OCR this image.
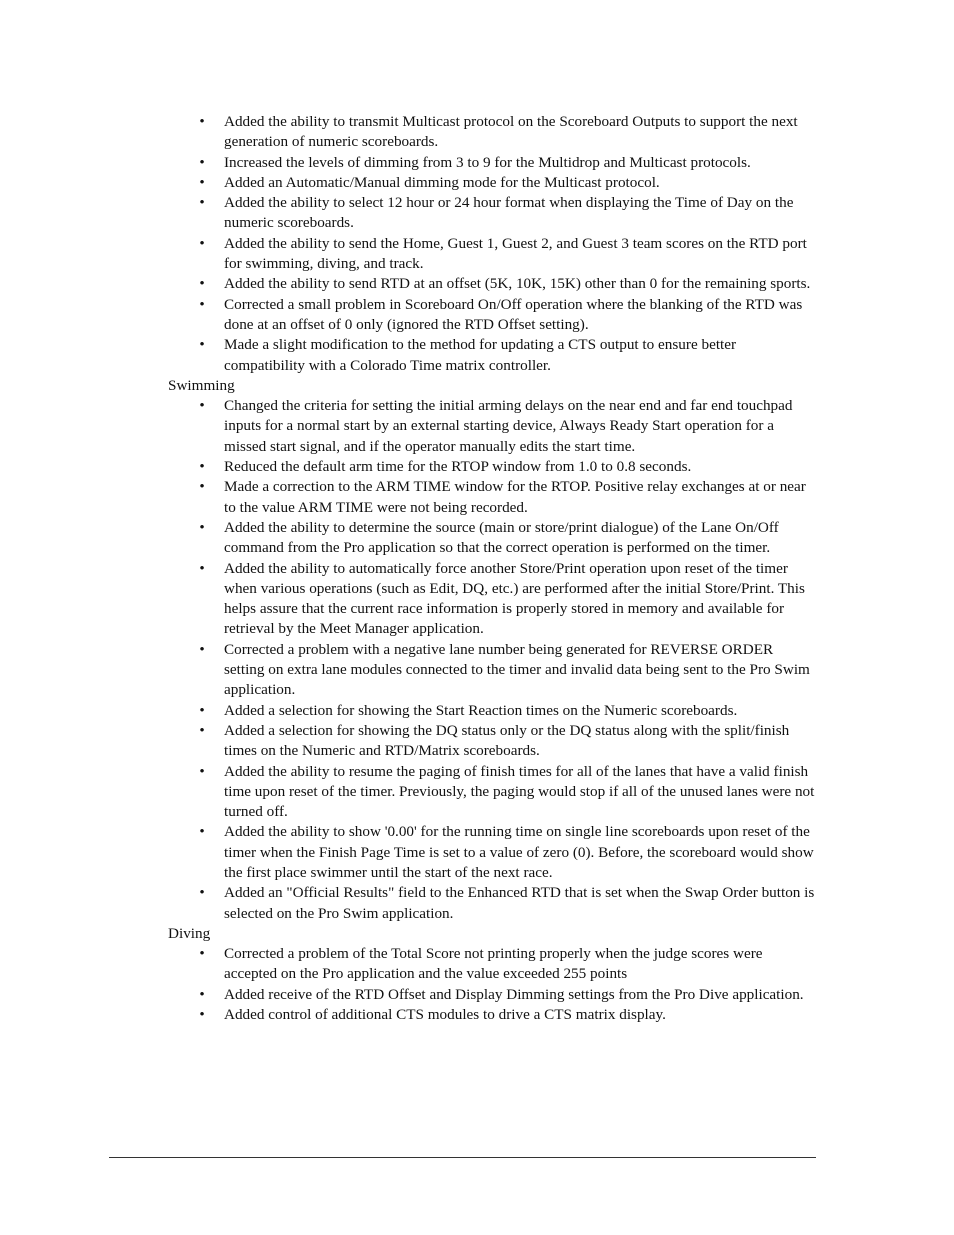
• Added the ability to transmit Multicast protocol on the Scoreboard Outputs to support the next generation of numeric scoreboards.
• Increased the levels of dimming from 3 to 9 for the Multidrop and Multicast protocols.
• Added an Automatic/Manual dimming mode for the Multicast protocol.
• Added the ability to select 12 hour or 24 hour format when displaying the Time of Day on the numeric scoreboards.
• Added the ability to send the Home, Guest 1, Guest 2, and Guest 3 team scores on the RTD port for swimming, diving, and track.
• Added the ability to send RTD at an offset (5K, 10K, 15K) other than 0 for the remaining sports.
• Corrected a small problem in Scoreboard On/Off operation where the blanking of the RTD was done at an offset of 0 only (ignored the RTD Offset setting).
• Made a slight modification to the method for updating a CTS output to ensure better compatibility with a Colorado Time matrix controller.

Swimming

• Changed the criteria for setting the initial arming delays on the near end and far end touchpad inputs for a normal start by an external starting device, Always Ready Start operation for a missed start signal, and if the operator manually edits the start time.
• Reduced the default arm time for the RTOP window from 1.0 to 0.8 seconds.
• Made a correction to the ARM TIME window for the RTOP. Positive relay exchanges at or near to the value ARM TIME were not being recorded.
• Added the ability to determine the source (main or store/print dialogue) of the Lane On/Off command from the Pro application so that the correct operation is performed on the timer.
• Added the ability to automatically force another Store/Print operation upon reset of the timer when various operations (such as Edit, DQ, etc.) are performed after the initial Store/Print. This helps assure that the current race information is properly stored in memory and available for retrieval by the Meet Manager application.
• Corrected a problem with a negative lane number being generated for REVERSE ORDER setting on extra lane modules connected to the timer and invalid data being sent to the Pro Swim application.
• Added a selection for showing the Start Reaction times on the Numeric scoreboards.
• Added a selection for showing the DQ status only or the DQ status along with the split/finish times on the Numeric and RTD/Matrix scoreboards.
• Added the ability to resume the paging of finish times for all of the lanes that have a valid finish time upon reset of the timer. Previously, the paging would stop if all of the unused lanes were not turned off.
• Added the ability to show '0.00' for the running time on single line scoreboards upon reset of the timer when the Finish Page Time is set to a value of zero (0). Before, the scoreboard would show the first place swimmer until the start of the next race.
• Added an "Official Results" field to the Enhanced RTD that is set when the Swap Order button is selected on the Pro Swim application.

Diving

• Corrected a problem of the Total Score not printing properly when the judge scores were accepted on the Pro application and the value exceeded 255 points
• Added receive of the RTD Offset and Display Dimming settings from the Pro Dive application.
• Added control of additional CTS modules to drive a CTS matrix display.
